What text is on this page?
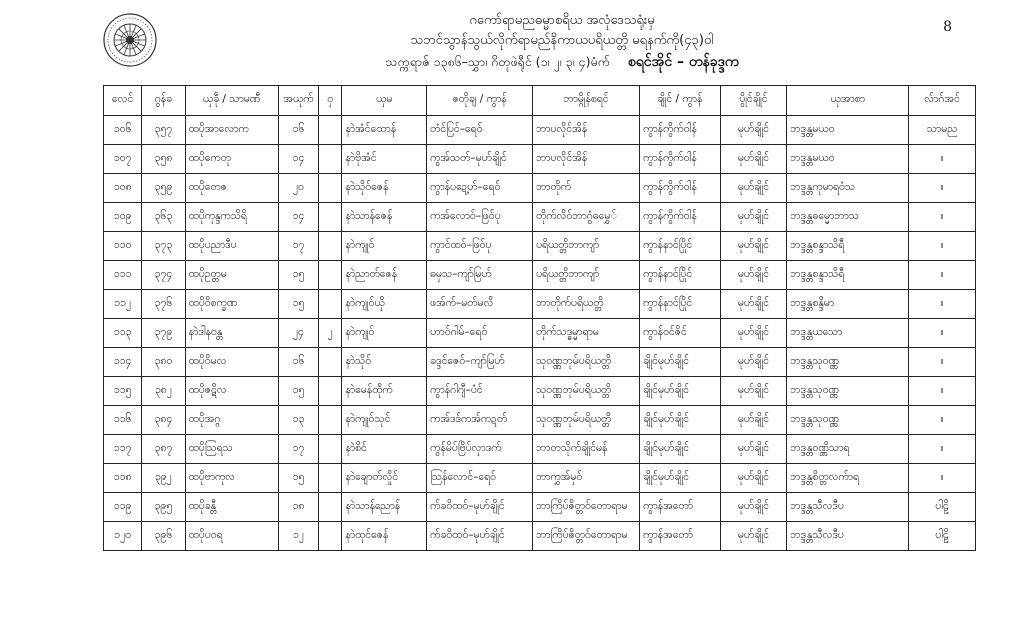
ဂကော်ရာမညဓမ္မာစရိယ အလုံဒေသရုံးမှ
သဘင်သွာန်သွယ်လိုက်ရာမည်နိကာယပရိယတ္တိ မရနက်ကို(၄၃)ဝါ
သက္ကရာဇ် ၁၃၈၆–သွှာ၊ ဂိတုဖဲရီုင် (၁၊ ၂၊ ၃၊ ၄)မံက် စရင်အိုင် – တန်ခုဒ္ဒက
8
လေင်	ဂွန်ခ	ယှခဵု / သာမဏီ	အယုက်	ဝှ	ယှမ	ဇတိုချ / ကွာန်	ဘာမ္ဂိုန်စရင်	ချိုင် / ကွာန်	ပွိုင်ချိုင်	ယှအာစာ	လ်ာဂ်အင်
၁၀၆	၃၅၇	ထပိုအာလောက	၁၆		နာဲအံင်ထောန်	တံင်ပြင်–ရေဝ်	ဘာပလိုင်အိန်	ကွာန်ကွိက်ဝါန်	မုဟ်ချိုင်	ဘဒ္ဒန္တမယဝ	သာမည
၁၀၇	၃၅၈	ထပိုကေတု	၁၄		နာဲဗိုအံင်	ကွအ်သတ်–မုဟ်ချိုင်	ဘာပလိုင်အိန်	ကွာန်ကွိက်ဝါန်	မုဟ်ချိုင်	ဘဒ္ဒန္တမယဝ	။
၁၀၈	၃၅၉	ထပိုတေဇ	၂၀		နာဲသိုဝ်ဇေန်	ကွာန်ပဍေ့ဟ်–ရေဝ်	ဘာတိုက်	ကွာန်ကွိက်ဝါန်	မုဟ်ချိုင်	ဘဒ္ဒန္တကုမာရဝံသ	။
၁၀၉	၃၆၃	ထပိုကုန္ဒကသိရိ	၁၄		နာဲသာန်ဇေန်	ကအ်လောဝ်–ဖြဝ်ပု	တိုက်လိဝ်ဘာဂွံဓမွှေ်	ကွာန်ကွိက်ဝါန်	မုဟ်ချိုင်	ဘဒ္ဒန္တဓမ္မောဘာသ	။
၁၁၀	၃၇၃	ထပိုပညာဒီပ	၁၇		နာဲကျုဝ်	ကွာင်ထဝ်–ဖြဝ်ပု	ပရိယတ္တိဘာကျာ်	ကွာန်နာင်ပြိုင်	မုဟ်ချိုင်	ဘဒ္ဒန္တစန္ဒာသိရီ	။
၁၁၁	၃၇၄	ထပိုဥတ္တမ	၁၅		နာဲညာတ်ဇေန်	ဓမှသ–ကျာ်မြဟ်	ပရိယတ္တိဘာကျာ်	ကွာန်နာင်ပြိုင်	မုဟ်ချိုင်	ဘဒ္ဒန္တစန္ဒာသိရီ	။
၁၁၂	၃၇၆	ထပိုဝိစက္ခဏ	၁၅		နာဲကျုဝ်ယှိ	ဖအ်က်–မတ်မလိ	ဘာတိုက်ပရိယတ္တိ	ကွာန်နာင်ပြိုင်	မုဟ်ချိုင်	ဘဒ္ဒန္တစန္ဒိမာ	။
၁၁၃	၃၇၉	နာဲဒါနဝန္တ	၂၄	၂	နာဲကျုဝ်	ဟာဝ်ဂါမ်–ရေဝ်	တိုက်သဒ္ဓမ္မာရာမ	ကွာန်ဝင်ဇိင်	မုဟ်ချိုင်	ဘဒ္ဒန္တယသော	။
၁၁၄	၃၈၀	ထပိုဝိမလ	၁၆		နာဲသိုဝ်	ခဒ္ဒင်ဇေဝ်–ကျာ်မြဟ်	သုဝဏ္ဏဘုမ်ပရိယတ္တိ	ချိုင်မုဟ်ချိုင်	မုဟ်ချိုင်	ဘဒ္ဒန္တသုဝဏ္ဏ	။
၁၁၅	၃၈၂	ထပိုဇဋိလ	၁၅		နာဲမေန်ထိုက်	ကွာန်ဂါဂျီ–ပံင်	သုဝဏ္ဏဘုမ်ပရိယတ္တိ	ချိုင်မုဟ်ချိုင်	မုဟ်ချိုင်	ဘဒ္ဒန္တသုဝဏ္ဏ	။
၁၁၆	၃၈၄	ထပိုအဂ္ဂ	၁၃		နာဲကျုဝ်သုင်	ကအ်ဒဒ်ကအ်ကဍတ်	သုဝဏ္ဏဘုမ်ပရိယတ္တိ	ချိုင်မုဟ်ချိုင်	မုဟ်ချိုင်	ဘဒ္ဒန္တသုဝဏ္ဏ	။
၁၁၇	၃၈၇	ထပိုဩရသ	၁၇		နာဲစိင်	ကွန်မိပ်ဗြိပ်လှာဒက်	ဘာတသိုက်ချိုင်မန်	ချိုင်မုဟ်ချိုင်	မုဟ်ချိုင်	ဘဒ္ဒန္တဝဏ္ဏိသာရ	။
၁၁၈	၃၉၂	ထပိုဗာကုလ	၁၅		နာဲချောတ်လှိုင်	ဩန်လောင်–ရေဝ်	ဘာကွှအ်မှဝ်	ချိုင်မုဟ်ချိုင်	မုဟ်ချိုင်	ဘဒ္ဒန္တစိတ္တလက်ာရ	။
၁၁၉	၃၉၅	ထပိုခန္တီ	၁၈		နာဲသာန်ညောန်	က်ခဝိထဝ်–မုဟ်ချိုင်	ဘာကြိပ်ဇိတ္တဝ်တောရာမ	ကွာန်အတော်	မုဟ်ချိုင်	ဘဒ္ဒန္တသီလဒီပ	ပါဠိ
၁၂၀	၃၉၆	ထပိုပဝရ	၁၂		နာဲထုင်ဇေန်	က်ခဝိထဝ်–မုဟ်ချိုင်	ဘာကြိပ်ဇိတ္တဝ်တောရာမ	ကွာန်အတော်	မုဟ်ချိုင်	ဘဒ္ဒန္တသီလဒီပ	ပါဠိ
